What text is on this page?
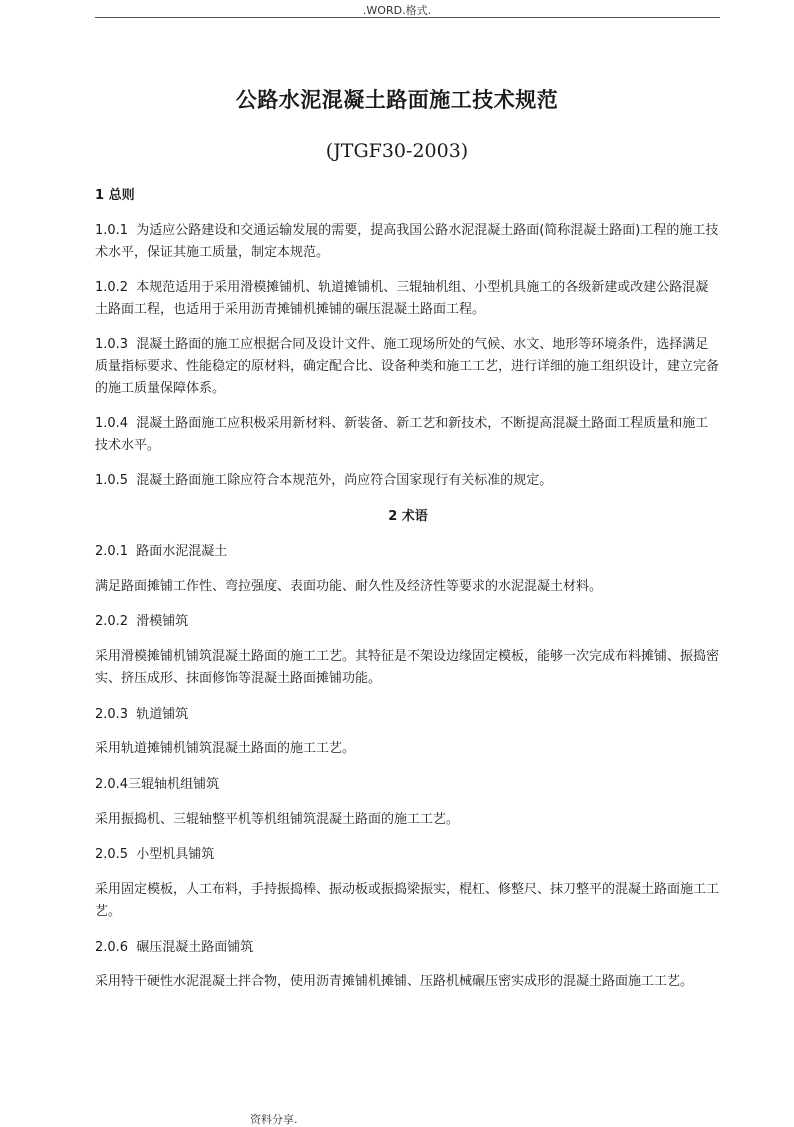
.WORD.格式.
公路水泥混凝土路面施工技术规范
(JTGF30-2003)
1 总则
1.0.1 为适应公路建设和交通运输发展的需要，提高我国公路水泥混凝土路面(简称混凝土路面)工程的施工技术水平，保证其施工质量，制定本规范。
1.0.2 本规范适用于采用滑模摊铺机、轨道摊铺机、三辊轴机组、小型机具施工的各级新建或改建公路混凝土路面工程，也适用于采用沥青摊铺机摊铺的碾压混凝土路面工程。
1.0.3 混凝土路面的施工应根据合同及设计文件、施工现场所处的气候、水文、地形等环境条件，选择满足质量指标要求、性能稳定的原材料，确定配合比、设备种类和施工工艺，进行详细的施工组织设计，建立完备的施工质量保障体系。
1.0.4 混凝土路面施工应积极采用新材料、新装备、新工艺和新技术，不断提高混凝土路面工程质量和施工技术水平。
1.0.5 混凝土路面施工除应符合本规范外，尚应符合国家现行有关标准的规定。
2 术语
2.0.1 路面水泥混凝土
满足路面摊铺工作性、弯拉强度、表面功能、耐久性及经济性等要求的水泥混凝土材料。
2.0.2 滑模铺筑
采用滑模摊铺机铺筑混凝土路面的施工工艺。其特征是不架设边缘固定模板，能够一次完成布料摊铺、振捣密实、挤压成形、抹面修饰等混凝土路面摊铺功能。
2.0.3 轨道铺筑
采用轨道摊铺机铺筑混凝土路面的施工工艺。
2.0.4三辊轴机组铺筑
采用振捣机、三辊轴整平机等机组铺筑混凝土路面的施工工艺。
2.0.5 小型机具铺筑
采用固定模板，人工布料，手持振捣棒、振动板或振捣梁振实，棍杠、修整尺、抹刀整平的混凝土路面施工工艺。
2.0.6 碾压混凝土路面铺筑
采用特干硬性水泥混凝土拌合物，使用沥青摊铺机摊铺、压路机械碾压密实成形的混凝土路面施工工艺。
资料分享.
